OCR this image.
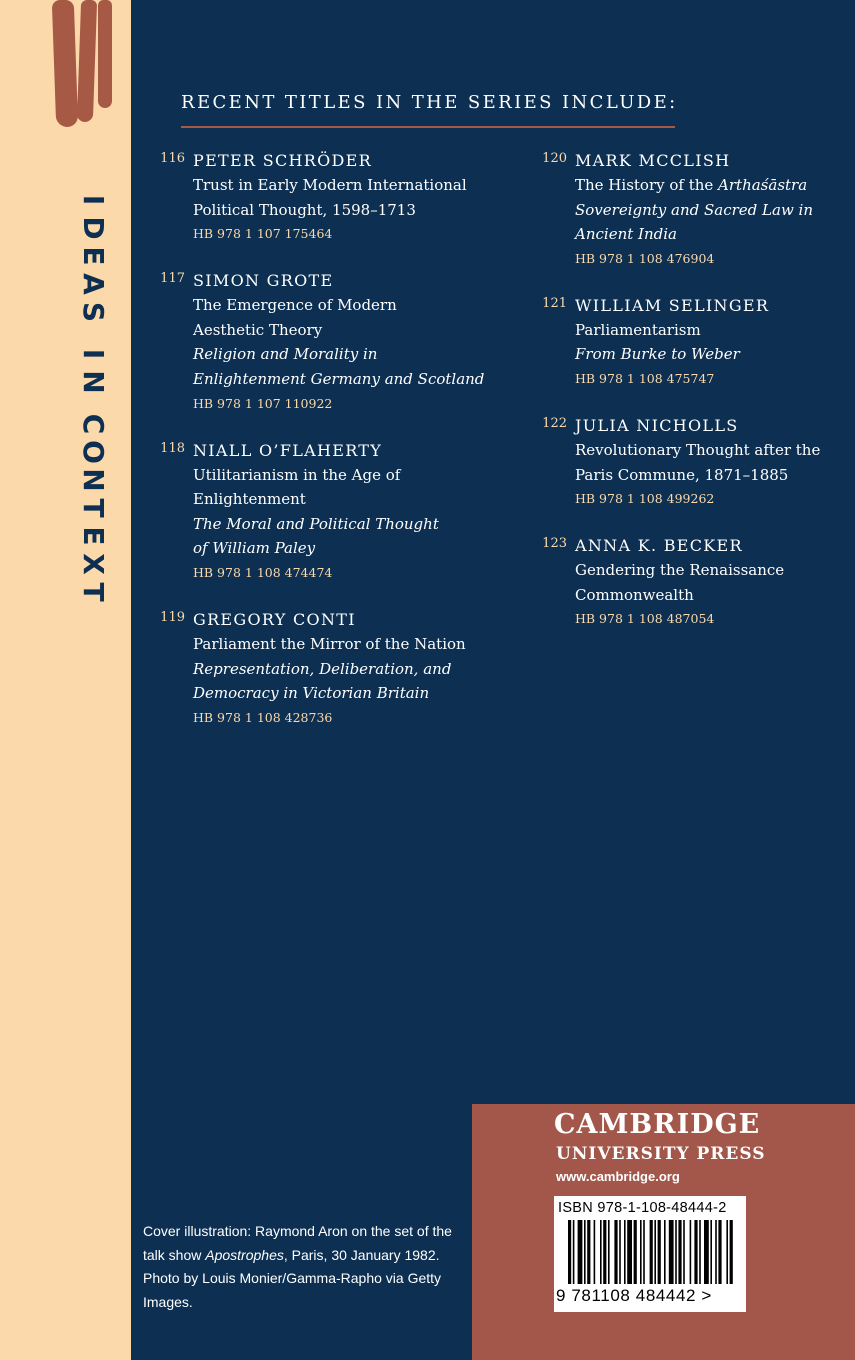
I
D
E
A
S

I
N

C
O
N
T
E
X
T
RECENT TITLES IN THE SERIES INCLUDE:
116 PETER SCHRÖDER
Trust in Early Modern International
Political Thought, 1598–1713
HB 978 1 107 175464
117 SIMON GROTE
The Emergence of Modern
Aesthetic Theory
Religion and Morality in
Enlightenment Germany and Scotland
HB 978 1 107 110922
118 NIALL O’FLAHERTY
Utilitarianism in the Age of
Enlightenment
The Moral and Political Thought
of William Paley
HB 978 1 108 474474
119 GREGORY CONTI
Parliament the Mirror of the Nation
Representation, Deliberation, and
Democracy in Victorian Britain
HB 978 1 108 428736
120 MARK MCCLISH
The History of the Arthaśāstra
Sovereignty and Sacred Law in
Ancient India
HB 978 1 108 476904
121 WILLIAM SELINGER
Parliamentarism
From Burke to Weber
HB 978 1 108 475747
122 JULIA NICHOLLS
Revolutionary Thought after the
Paris Commune, 1871–1885
HB 978 1 108 499262
123 ANNA K. BECKER
Gendering the Renaissance
Commonwealth
HB 978 1 108 487054
Cover illustration: Raymond Aron on the set of the talk show Apostrophes, Paris, 30 January 1982. Photo by Louis Monier/Gamma-Rapho via Getty Images.
CAMBRIDGE
UNIVERSITY PRESS
www.cambridge.org
ISBN 978-1-108-48444-2
9 781108 484442 >
